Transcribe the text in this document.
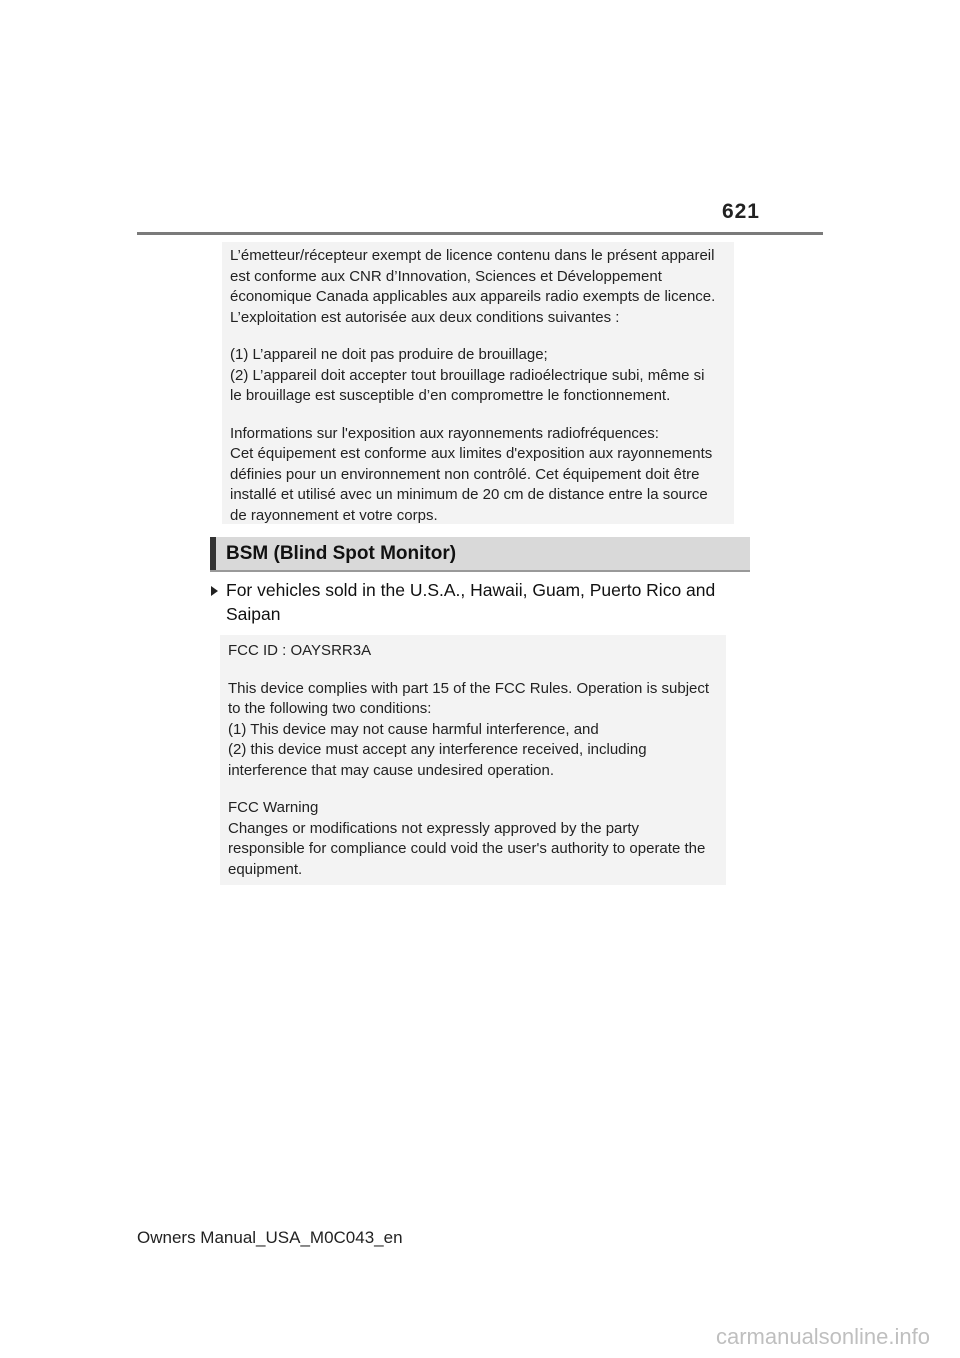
621

L’émetteur/récepteur exempt de licence contenu dans le présent appareil
est conforme aux CNR d’Innovation, Sciences et Développement
économique Canada applicables aux appareils radio exempts de licence.
L’exploitation est autorisée aux deux conditions suivantes :

(1) L’appareil ne doit pas produire de brouillage;
(2) L’appareil doit accepter tout brouillage radioélectrique subi, même si
le brouillage est susceptible d’en compromettre le fonctionnement.

Informations sur l'exposition aux rayonnements radiofréquences:
Cet équipement est conforme aux limites d'exposition aux rayonnements
définies pour un environnement non contrôlé. Cet équipement doit être
installé et utilisé avec un minimum de 20 cm de distance entre la source
de rayonnement et votre corps.

BSM (Blind Spot Monitor)
For vehicles sold in the U.S.A., Hawaii, Guam, Puerto Rico and Saipan

FCC ID : OAYSRR3A

This device complies with part 15 of the FCC Rules. Operation is subject
to the following two conditions:
(1) This device may not cause harmful interference, and
(2) this device must accept any interference received, including
interference that may cause undesired operation.

FCC Warning
Changes or modifications not expressly approved by the party
responsible for compliance could void the user's authority to operate the
equipment.

Owners Manual_USA_M0C043_en
carmanualsonline.info
